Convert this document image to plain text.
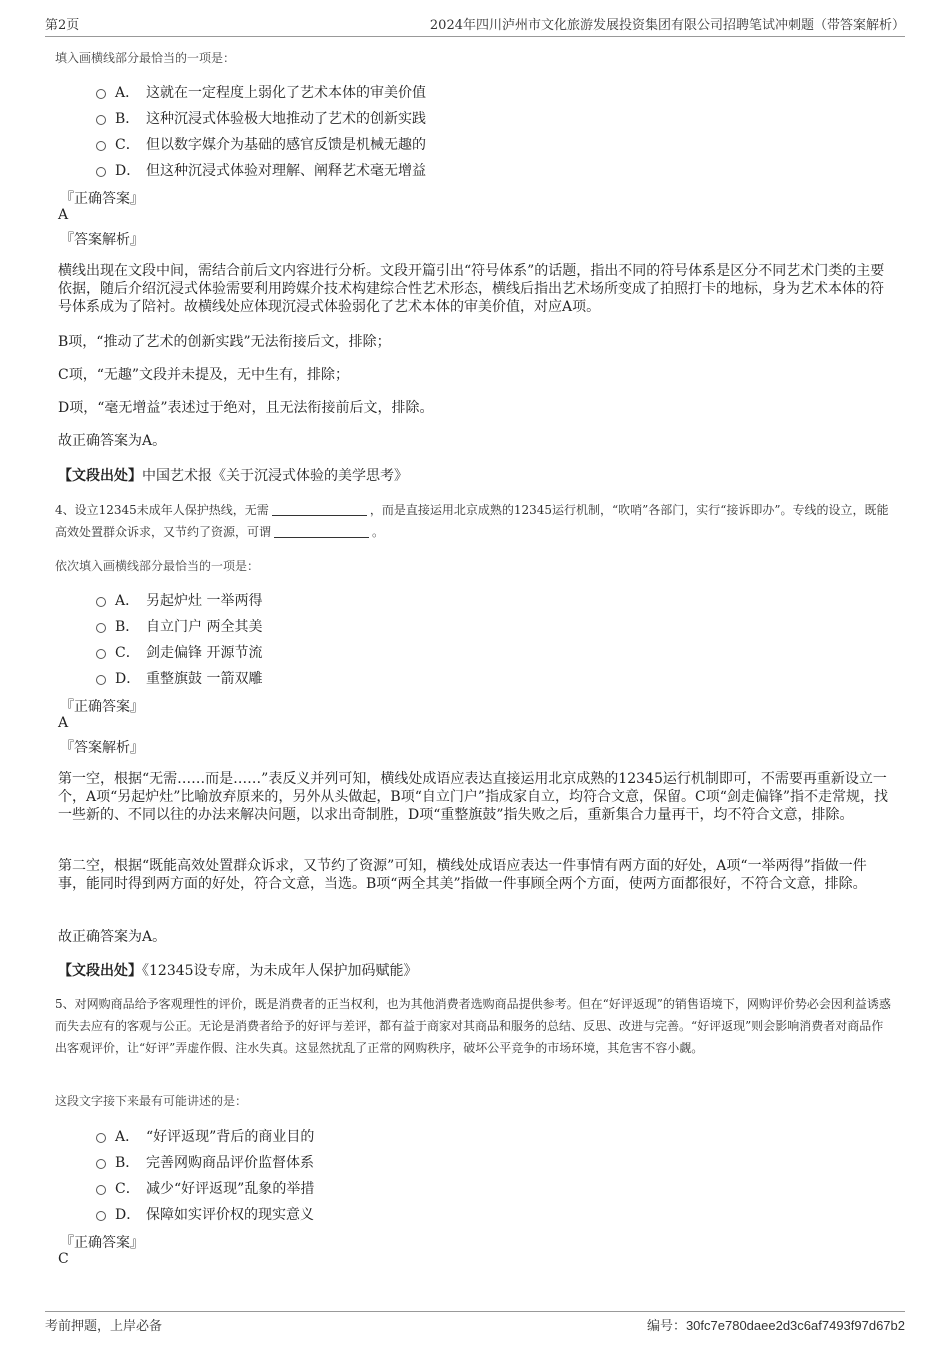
第2页	2024年四川泸州市文化旅游发展投资集团有限公司招聘笔试冲刺题（带答案解析）
填入画横线部分最恰当的一项是：
A． 这就在一定程度上弱化了艺术本体的审美价值
B． 这种沉浸式体验极大地推动了艺术的创新实践
C． 但以数字媒介为基础的感官反馈是机械无趣的
D． 但这种沉浸式体验对理解、阐释艺术毫无增益
『正确答案』
A
『答案解析』
横线出现在文段中间，需结合前后文内容进行分析。文段开篇引出“符号体系”的话题，指出不同的符号体系是区分不同艺术门类的主要依据，随后介绍沉浸式体验需要利用跨媒介技术构建综合性艺术形态，横线后指出艺术场所变成了拍照打卡的地标，身为艺术本体的符号体系成为了陪衬。故横线处应体现沉浸式体验弱化了艺术本体的审美价值，对应A项。
B项，“推动了艺术的创新实践”无法衔接后文，排除；
C项，“无趣”文段并未提及，无中生有，排除；
D项，“毫无增益”表述过于绝对，且无法衔接前后文，排除。
故正确答案为A。
【文段出处】中国艺术报《关于沉浸式体验的美学思考》
4、设立12345未成年人保护热线，无需	，而是直接运用北京成熟的12345运行机制，“吹哨”各部门，实行“接诉即办”。专线的设立，既能高效处置群众诉求，又节约了资源，可谓	。
依次填入画横线部分最恰当的一项是：
A． 另起炉灶 一举两得
B． 自立门户 两全其美
C． 剑走偏锋 开源节流
D． 重整旗鼓 一箭双雕
『正确答案』
A
『答案解析』
第一空，根据“无需……而是……”表反义并列可知，横线处成语应表达直接运用北京成熟的12345运行机制即可，不需要再重新设立一个，A项“另起炉灶”比喻放弃原来的，另外从头做起，B项“自立门户”指成家自立，均符合文意，保留。C项“剑走偏锋”指不走常规，找一些新的、不同以往的办法来解决问题，以求出奇制胜，D项“重整旗鼓”指失败之后，重新集合力量再干，均不符合文意，排除。
第二空，根据“既能高效处置群众诉求，又节约了资源”可知，横线处成语应表达一件事情有两方面的好处，A项“一举两得”指做一件事，能同时得到两方面的好处，符合文意，当选。B项“两全其美”指做一件事顾全两个方面，使两方面都很好，不符合文意，排除。
故正确答案为A。
【文段出处】《12345设专席，为未成年人保护加码赋能》
5、对网购商品给予客观理性的评价，既是消费者的正当权利，也为其他消费者选购商品提供参考。但在“好评返现”的销售语境下，网购评价势必会因利益诱惑而失去应有的客观与公正。无论是消费者给予的好评与差评，都有益于商家对其商品和服务的总结、反思、改进与完善。“好评返现”则会影响消费者对商品作出客观评价，让“好评”弄虚作假、注水失真。这显然扰乱了正常的网购秩序，破坏公平竞争的市场环境，其危害不容小觑。
这段文字接下来最有可能讲述的是：
A． “好评返现”背后的商业目的
B． 完善网购商品评价监督体系
C． 减少“好评返现”乱象的举措
D． 保障如实评价权的现实意义
『正确答案』
C
考前押题，上岸必备	编号：30fc7e780daee2d3c6af7493f97d67b2
